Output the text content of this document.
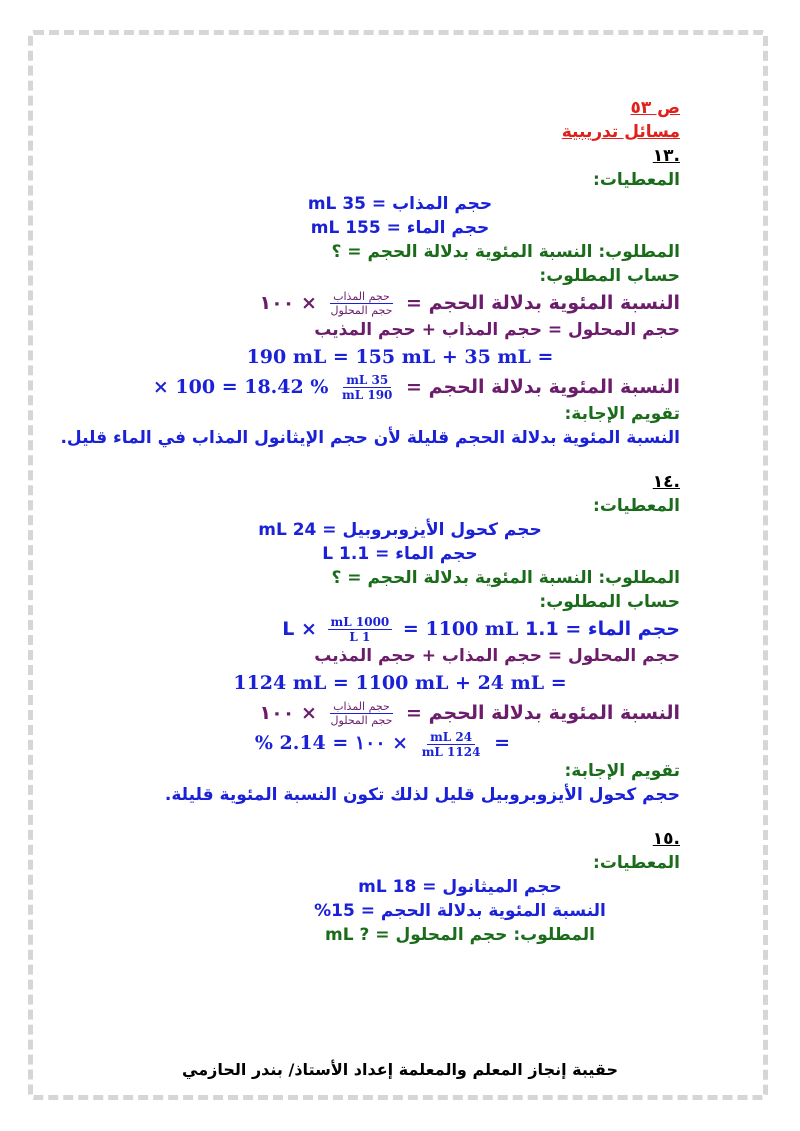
ص ٥٣
مسائل تدريبية
.١٣
المعطيات:
حجم المذاب = 35 mL
حجم الماء = 155 mL
المطلوب: النسبة المئوية بدلالة الحجم = ؟
حساب المطلوب:
النسبة المئوية بدلالة الحجم =
$\frac{\text{حجم المذاب}}{\text{حجم المحلول}}$
× ١٠٠
حجم المحلول = حجم المذاب + حجم المذيب
190 mL = 155 mL + 35 mL =
النسبة المئوية بدلالة الحجم =
$\frac{35 mL}{190 mL}$
× 100 = 18.42 %
تقويم الإجابة:
النسبة المئوية بدلالة الحجم قليلة لأن حجم الإيثانول المذاب في الماء قليل.
.١٤
المعطيات:
حجم كحول الأيزوبروبيل = 24 mL
حجم الماء = 1.1 L
المطلوب: النسبة المئوية بدلالة الحجم = ؟
حساب المطلوب:
حجم الماء = 1.1 L ×
$\frac{1000 mL}{1 L} = 1100$ mL
حجم المحلول = حجم المذاب + حجم المذيب
1124 mL = 1100 mL + 24 mL =
النسبة المئوية بدلالة الحجم =
$\frac{\text{حجم المذاب}}{\text{حجم المحلول}}$
× ١٠٠
=
$\frac{24 mL}{1124 mL}$
× ١٠٠ = 2.14 %
تقويم الإجابة:
حجم كحول الأيزوبروبيل قليل لذلك تكون النسبة المئوية قليلة.
.١٥
المعطيات:
حجم الميثانول = 18 mL
النسبة المئوية بدلالة الحجم = 15%
المطلوب: حجم المحلول = ? mL
حقيبة إنجاز المعلم والمعلمة إعداد الأستاذ/ بندر الحازمي
